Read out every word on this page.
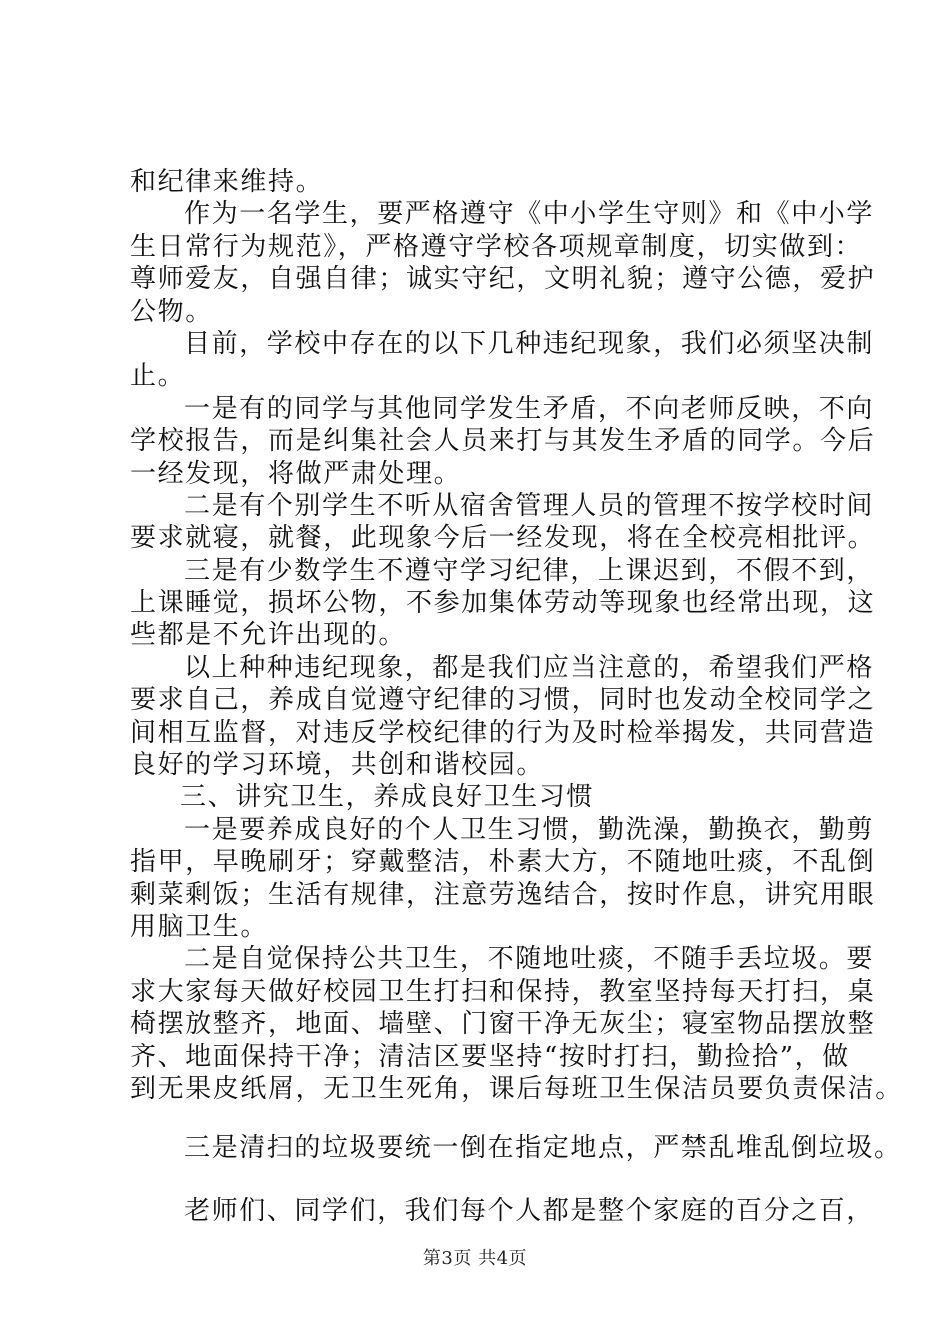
和纪律来维持。
作为一名学生，要严格遵守《中小学生守则》和《中小学
生日常行为规范》，严格遵守学校各项规章制度，切实做到：
尊师爱友，自强自律；诚实守纪，文明礼貌；遵守公德，爱护
公物。
目前，学校中存在的以下几种违纪现象，我们必须坚决制
止。
一是有的同学与其他同学发生矛盾，不向老师反映，不向
学校报告，而是纠集社会人员来打与其发生矛盾的同学。今后
一经发现，将做严肃处理。
二是有个别学生不听从宿舍管理人员的管理不按学校时间
要求就寝，就餐，此现象今后一经发现，将在全校亮相批评。
三是有少数学生不遵守学习纪律，上课迟到，不假不到，
上课睡觉，损坏公物，不参加集体劳动等现象也经常出现，这
些都是不允许出现的。
以上种种违纪现象，都是我们应当注意的，希望我们严格
要求自己，养成自觉遵守纪律的习惯，同时也发动全校同学之
间相互监督，对违反学校纪律的行为及时检举揭发，共同营造
良好的学习环境，共创和谐校园。
三、讲究卫生，养成良好卫生习惯
一是要养成良好的个人卫生习惯，勤洗澡，勤换衣，勤剪
指甲，早晚刷牙；穿戴整洁，朴素大方，不随地吐痰，不乱倒
剩菜剩饭；生活有规律，注意劳逸结合，按时作息，讲究用眼
用脑卫生。
二是自觉保持公共卫生，不随地吐痰，不随手丢垃圾。要
求大家每天做好校园卫生打扫和保持，教室坚持每天打扫，桌
椅摆放整齐，地面、墙壁、门窗干净无灰尘；寝室物品摆放整
齐、地面保持干净；清洁区要坚持“按时打扫，勤捡拾”，做
到无果皮纸屑，无卫生死角，课后每班卫生保洁员要负责保洁。
三是清扫的垃圾要统一倒在指定地点，严禁乱堆乱倒垃圾。
老师们、同学们，我们每个人都是整个家庭的百分之百，
第3页 共4页
